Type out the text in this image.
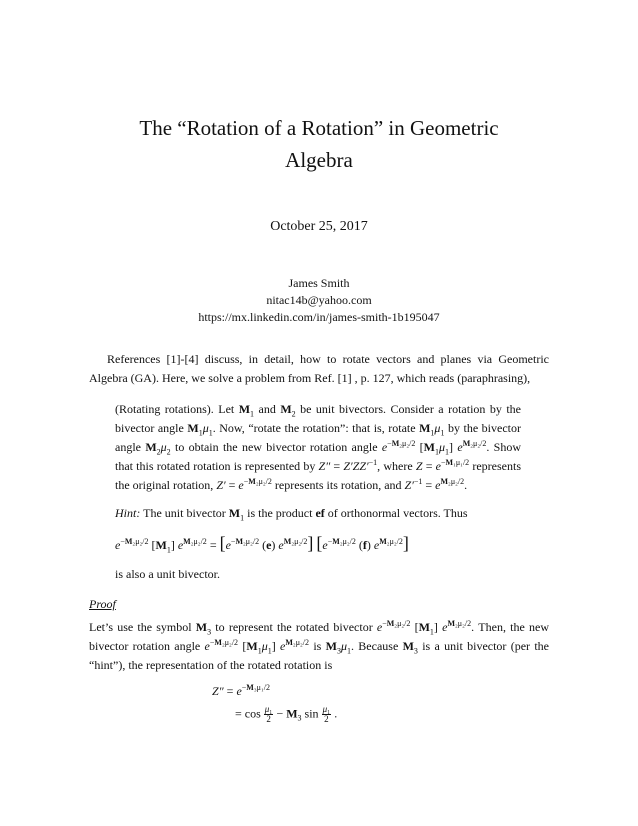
The “Rotation of a Rotation” in Geometric
Algebra
October 25, 2017
James Smith
nitac14b@yahoo.com
https://mx.linkedin.com/in/james-smith-1b195047
References [1]-[4] discuss, in detail, how to rotate vectors and planes via Geometric Algebra (GA). Here, we solve a problem from Ref. [1] , p. 127, which reads (paraphrasing),
(Rotating rotations). Let $M_1$ and $M_2$ be unit bivectors. Consider a rotation by the bivector angle $M_1\mu_1$. Now, “rotate the rotation”: that is, rotate $M_1\mu_1$ by the bivector angle $M_2\mu_2$ to obtain the new bivector rotation angle $e^{-M_2\mu_2/2}$ $[M_1\mu_1]$ $e^{M_2\mu_2/2}$. Show that this rotated rotation is represented by $Z'' = Z'ZZ'^{-1}$, where $Z = e^{-M_1\mu_1/2}$ represents the original rotation, $Z' = e^{-M_2\mu_2/2}$ represents its rotation, and $Z'^{-1} = e^{M_2\mu_2/2}$.
Hint: The unit bivector $M_1$ is the product ef of orthonormal vectors. Thus
$e^{-M_2\mu_2/2}$ $[M_1] e^{M_2\mu_2/2} = [e^{-M_2\mu_2/2}$ (e) $e^{M_2\mu_2/2}$] [$e^{-M_2\mu_2/2}$ (f) $e^{M_2\mu_2/2}$]
is also a unit bivector.
Proof
Let’s use the symbol $M_3$ to represent the rotated bivector $e^{-M_2\mu_2/2}$ $[M_1]$ $e^{M_2\mu_2/2}$. Then, the new bivector rotation angle $e^{-M_2\mu_2/2}$ $[M_1\mu_1]$ $e^{M_2\mu_2/2}$ is $M_3\mu_1$. Because $M_3$ is a unit bivector (per the “hint”), the representation of the rotated rotation is
$Z'' = e^{-M_3\mu_1/2}$
= $\cos \frac{\text{μ₁}}{2} - M_3$ $\sin \frac{\text{μ₁}}{2}$ .
